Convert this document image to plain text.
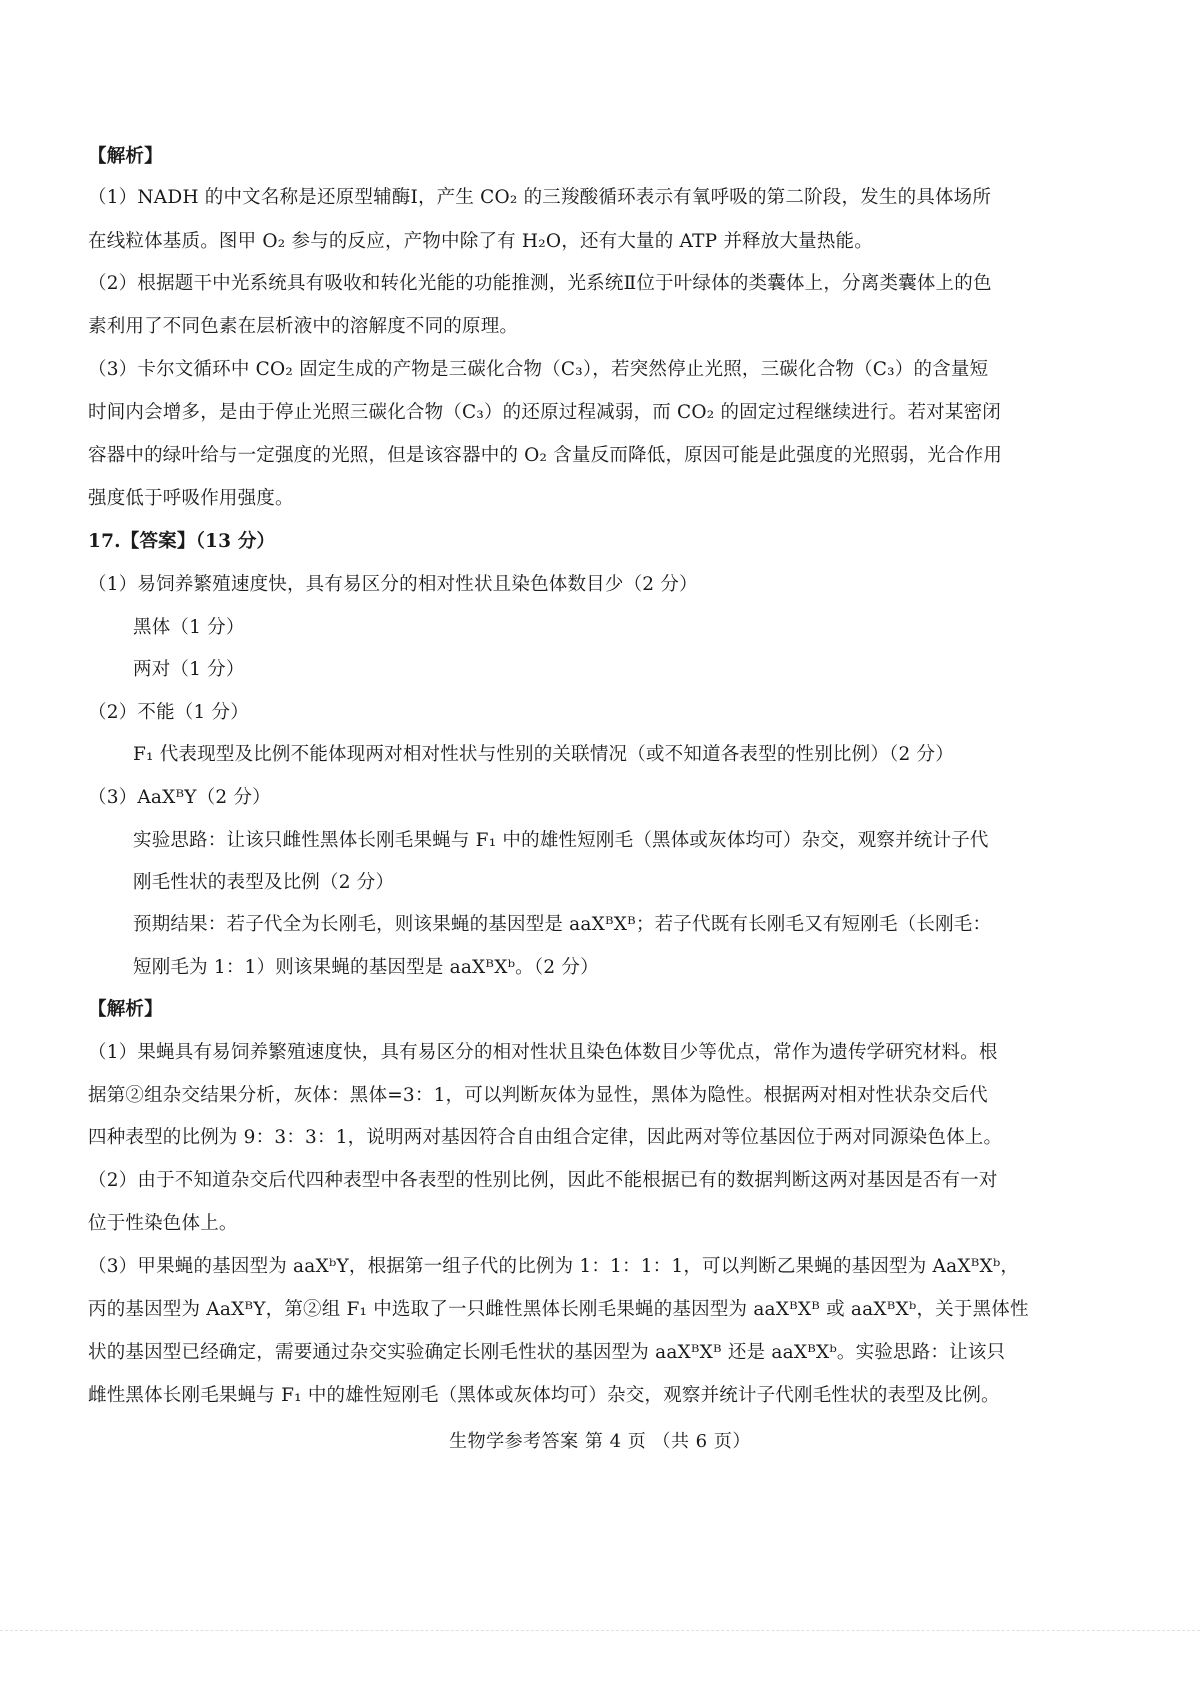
【解析】
（1）NADH 的中文名称是还原型辅酶Ⅰ，产生 CO₂ 的三羧酸循环表示有氧呼吸的第二阶段，发生的具体场所
在线粒体基质。图甲 O₂ 参与的反应，产物中除了有 H₂O，还有大量的 ATP 并释放大量热能。
（2）根据题干中光系统具有吸收和转化光能的功能推测，光系统Ⅱ位于叶绿体的类囊体上，分离类囊体上的色
素利用了不同色素在层析液中的溶解度不同的原理。
（3）卡尔文循环中 CO₂ 固定生成的产物是三碳化合物（C₃），若突然停止光照，三碳化合物（C₃）的含量短
时间内会增多，是由于停止光照三碳化合物（C₃）的还原过程减弱，而 CO₂ 的固定过程继续进行。若对某密闭
容器中的绿叶给与一定强度的光照，但是该容器中的 O₂ 含量反而降低，原因可能是此强度的光照弱，光合作用
强度低于呼吸作用强度。
17.【答案】（13 分）
（1）易饲养繁殖速度快，具有易区分的相对性状且染色体数目少（2 分）
黑体（1 分）
两对（1 分）
（2）不能（1 分）
F₁ 代表现型及比例不能体现两对相对性状与性别的关联情况（或不知道各表型的性别比例）（2 分）
（3）AaXᴮY（2 分）
实验思路：让该只雌性黑体长刚毛果蝇与 F₁ 中的雄性短刚毛（黑体或灰体均可）杂交，观察并统计子代
刚毛性状的表型及比例（2 分）
预期结果：若子代全为长刚毛，则该果蝇的基因型是 aaXᴮXᴮ；若子代既有长刚毛又有短刚毛（长刚毛：
短刚毛为 1：1）则该果蝇的基因型是 aaXᴮXᵇ。（2 分）
【解析】
（1）果蝇具有易饲养繁殖速度快，具有易区分的相对性状且染色体数目少等优点，常作为遗传学研究材料。根
据第②组杂交结果分析，灰体：黑体=3：1，可以判断灰体为显性，黑体为隐性。根据两对相对性状杂交后代
四种表型的比例为 9：3：3：1，说明两对基因符合自由组合定律，因此两对等位基因位于两对同源染色体上。
（2）由于不知道杂交后代四种表型中各表型的性别比例，因此不能根据已有的数据判断这两对基因是否有一对
位于性染色体上。
（3）甲果蝇的基因型为 aaXᵇY，根据第一组子代的比例为 1：1：1：1，可以判断乙果蝇的基因型为 AaXᴮXᵇ，
丙的基因型为 AaXᴮY，第②组 F₁ 中选取了一只雌性黑体长刚毛果蝇的基因型为 aaXᴮXᴮ 或 aaXᴮXᵇ，关于黑体性
状的基因型已经确定，需要通过杂交实验确定长刚毛性状的基因型为 aaXᴮXᴮ 还是 aaXᴮXᵇ。实验思路：让该只
雌性黑体长刚毛果蝇与 F₁ 中的雄性短刚毛（黑体或灰体均可）杂交，观察并统计子代刚毛性状的表型及比例。
生物学参考答案 第 4 页 （共 6 页）
